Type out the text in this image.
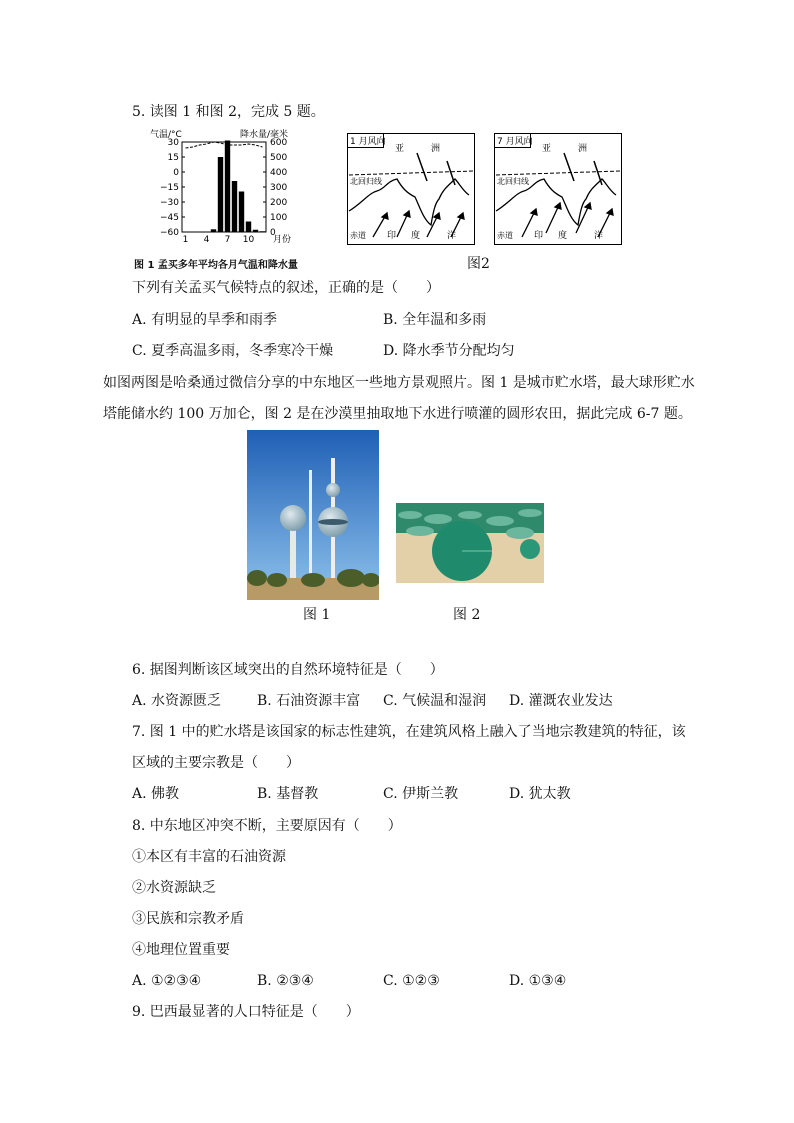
5. 读图 1 和图 2，完成 5 题。
气温/°C	降水量/毫米
30
15
0
−15
−30
−45
−60
600
500
400
300
200
100
0
1 4 7 10 月份
图 1 孟买多年平均各月气温和降水量
1 月风向
亚	洲
北回归线
赤道 印 度	洋
7 月风向
亚	洲
北回归线
赤道 印 度	洋
图2
下列有关孟买气候特点的叙述，正确的是（　　）
A. 有明显的旱季和雨季	B. 全年温和多雨
C. 夏季高温多雨，冬季寒冷干燥	D. 降水季节分配均匀
如图两图是哈桑通过微信分享的中东地区一些地方景观照片。图 1 是城市贮水塔，最大球形贮水
塔能储水约 100 万加仑，图 2 是在沙漠里抽取地下水进行喷灌的圆形农田，据此完成 6-7 题。
图 1	图 2
6. 据图判断该区域突出的自然环境特征是（　　）
A. 水资源匮乏	B. 石油资源丰富 C. 气候温和湿润 D. 灌溉农业发达
7. 图 1 中的贮水塔是该国家的标志性建筑，在建筑风格上融入了当地宗教建筑的特征，该
区域的主要宗教是（　　）
A. 佛教	B. 基督教	C. 伊斯兰教	D. 犹太教
8. 中东地区冲突不断，主要原因有（　　）
①本区有丰富的石油资源
②水资源缺乏
③民族和宗教矛盾
④地理位置重要
A. ①②③④	B. ②③④	C. ①②③	D. ①③④
9. 巴西最显著的人口特征是（　　）
